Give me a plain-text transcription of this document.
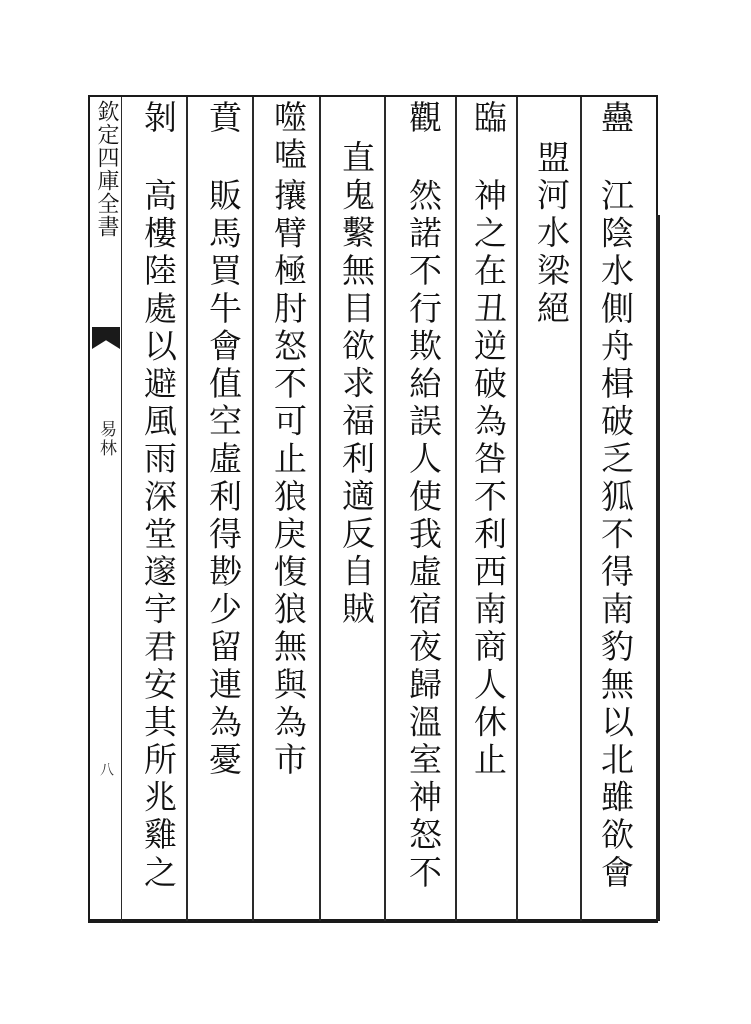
欽定四庫全書
易林
八
蠱
江陰水側舟楫破乏狐不得南豹無以北雖欲會
盟河水梁絕
臨
神之在丑逆破為咎不利西南商人休止
觀
然諾不行欺紿誤人使我虛宿夜歸溫室神怒不
直鬼繫無目欲求福利適反自賊
噬嗑
攘臂極肘怒不可止狼戾愎狼無與為市
賁
販馬買牛會值空虛利得尠少留連為憂
剝
高樓陸處以避風雨深堂邃宇君安其所兆雞之
